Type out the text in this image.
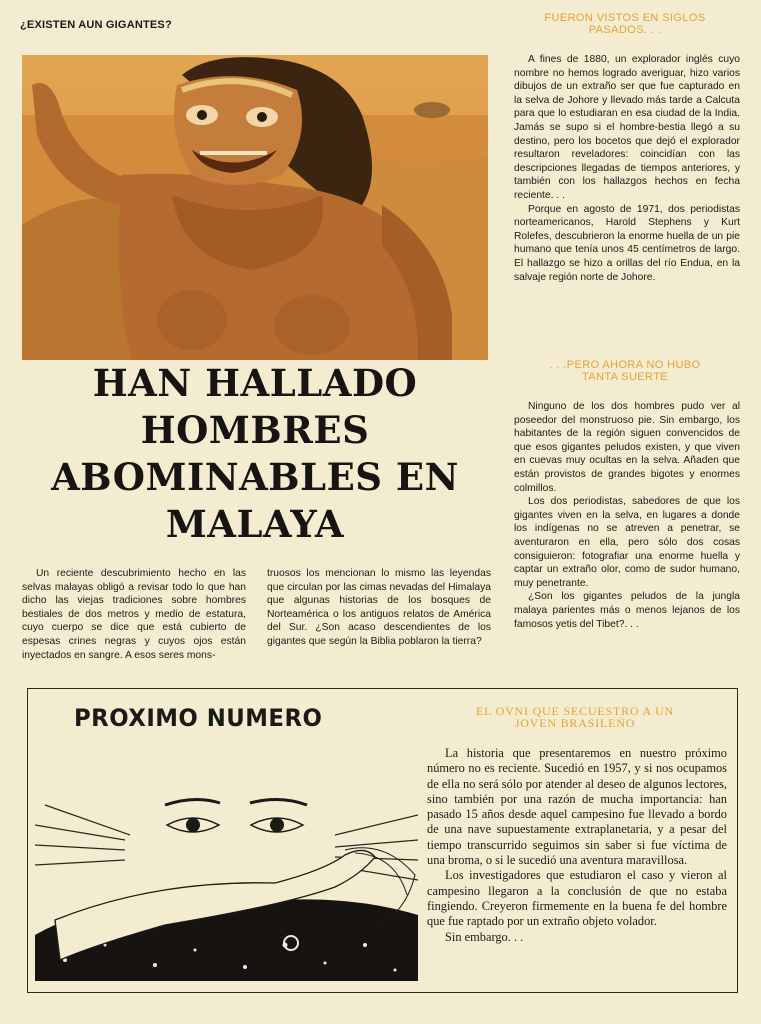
¿EXISTEN AUN GIGANTES?
FUERON VISTOS EN SIGLOS PASADOS. . .

A fines de 1880, un explorador inglés cuyo nombre no hemos logrado averiguar, hizo varios dibujos de un extraño ser que fue capturado en la selva de Johore y llevado más tarde a Calcuta para que lo estudiaran en esa ciudad de la India. Jamás se supo si el hombre-bestia llegó a su destino, pero los bocetos que dejó el explorador resultaron reveladores: coincidían con las descripciones llegadas de tiempos anteriores, y también con los hallazgos hechos en fecha reciente. . .

Porque en agosto de 1971, dos periodistas norteamericanos, Harold Stephens y Kurt Rolefes, descubrieron la enorme huella de un pie humano que tenía unos 45 centímetros de largo. El hallazgo se hizo a orillas del río Endua, en la salvaje región norte de Johore.

. . .PERO AHORA NO HUBO TANTA SUERTE

Ninguno de los dos hombres pudo ver al poseedor del monstruoso pie. Sin embargo, los habitantes de la región siguen convencidos de que esos gigantes peludos existen, y que viven en cuevas muy ocultas en la selva. Añaden que están provistos de grandes bigotes y enormes colmillos.

Los dos periodistas, sabedores de que los gigantes viven en la selva, en lugares a donde los indígenas no se atreven a penetrar, se aventuraron en ella, pero sólo dos cosas consiguieron: fotografiar una enorme huella y captar un extraño olor, como de sudor humano, muy penetrante.

¿Son los gigantes peludos de la jungla malaya parientes más o menos lejanos de los famosos yetis del Tibet?. . .

HAN HALLADO HOMBRES ABOMINABLES EN MALAYA

Un reciente descubrimiento hecho en las selvas malayas obligó a revisar todo lo que han dicho las viejas tradiciones sobre hombres bestiales de dos metros y medio de estatura, cuyo cuerpo se dice que está cubierto de espesas crines negras y cuyos ojos están inyectados en sangre. A esos seres mons-

truosos los mencionan lo mismo las leyendas que circulan por las cimas nevadas del Himalaya que algunas historias de los bosques de Norteamérica o los antiguos relatos de América del Sur. ¿Son acaso descendientes de los gigantes que según la Biblia poblaron la tierra?

PROXIMO NUMERO	EL OVNI QUE SECUESTRO A UN JOVEN BRASILEÑO

La historia que presentaremos en nuestro próximo número no es reciente. Sucedió en 1957, y si nos ocupamos de ella no será sólo por atender al deseo de algunos lectores, sino también por una razón de mucha importancia: han pasado 15 años desde aquel campesino fue llevado a bordo de una nave supuestamente extraplanetaria, y a pesar del tiempo transcurrido seguimos sin saber si fue víctima de una broma, o si le sucedió una aventura maravillosa.

Los investigadores que estudiaron el caso y vieron al campesino llegaron a la conclusión de que no estaba fingiendo. Creyeron firmemente en la buena fe del hombre que fue raptado por un extraño objeto volador.

Sin embargo. . .
